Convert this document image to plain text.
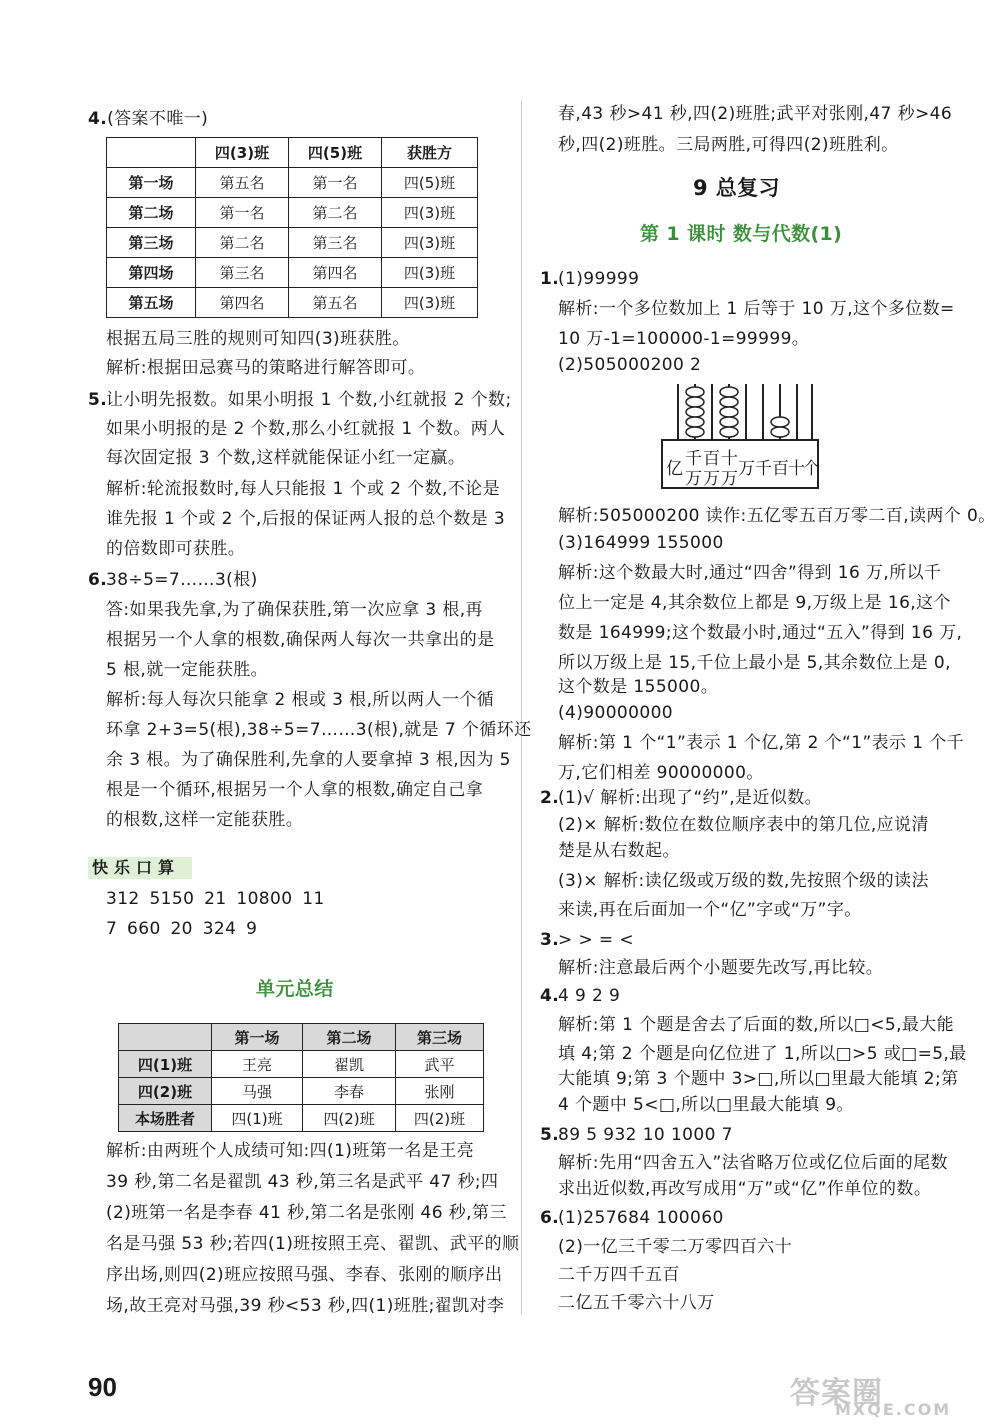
4.(答案不唯一)
	四(3)班	四(5)班	获胜方
第一场	第五名	第一名	四(5)班
第二场	第一名	第二名	四(3)班
第三场	第二名	第三名	四(3)班
第四场	第三名	第四名	四(3)班
第五场	第四名	第五名	四(3)班
根据五局三胜的规则可知四(3)班获胜。
解析:根据田忌赛马的策略进行解答即可。
5.
让小明先报数。如果小明报 1 个数,小红就报 2 个数;
如果小明报的是 2 个数,那么小红就报 1 个数。两人
每次固定报 3 个数,这样就能保证小红一定赢。
解析:轮流报数时,每人只能报 1 个或 2 个数,不论是
谁先报 1 个或 2 个,后报的保证两人报的总个数是 3
的倍数即可获胜。
6.
38÷5=7……3(根)
答:如果我先拿,为了确保获胜,第一次应拿 3 根,再
根据另一个人拿的根数,确保两人每次一共拿出的是
5 根,就一定能获胜。
解析:每人每次只能拿 2 根或 3 根,所以两人一个循
环拿 2+3=5(根),38÷5=7……3(根),就是 7 个循环还
余 3 根。为了确保胜利,先拿的人要拿掉 3 根,因为 5
根是一个循环,根据另一个人拿的根数,确定自己拿
的根数,这样一定能获胜。
快乐口算
312 5150 21 10800 11
7 660 20 324 9
单元总结
	第一场	第二场	第三场
四(1)班	王亮	翟凯	武平
四(2)班	马强	李春	张刚
本场胜者	四(1)班	四(2)班	四(2)班
解析:由两班个人成绩可知:四(1)班第一名是王亮
39 秒,第二名是翟凯 43 秒,第三名是武平 47 秒;四
(2)班第一名是李春 41 秒,第二名是张刚 46 秒,第三
名是马强 53 秒;若四(1)班按照王亮、翟凯、武平的顺
序出场,则四(2)班应按照马强、李春、张刚的顺序出
场,故王亮对马强,39 秒<53 秒,四(1)班胜;翟凯对李
春,43 秒>41 秒,四(2)班胜;武平对张刚,47 秒>46
秒,四(2)班胜。三局两胜,可得四(2)班胜利。
9 总复习
第 1 课时 数与代数(1)
1.
(1)99999
解析:一个多位数加上 1 后等于 10 万,这个多位数=
10 万-1=100000-1=99999。
(2)505000200 2
亿 千 百 十
万 万 万 万 千 百 十
个
解析:505000200 读作:五亿零五百万零二百,读两个 0。
(3)164999 155000
解析:这个数最大时,通过“四舍”得到 16 万,所以千
位上一定是 4,其余数位上都是 9,万级上是 16,这个
数是 164999;这个数最小时,通过“五入”得到 16 万,
所以万级上是 15,千位上最小是 5,其余数位上是 0,
这个数是 155000。
(4)90000000
解析:第 1 个“1”表示 1 个亿,第 2 个“1”表示 1 个千
万,它们相差 90000000。
2.
(1)√ 解析:出现了“约”,是近似数。
(2)× 解析:数位在数位顺序表中的第几位,应说清
楚是从右数起。
(3)× 解析:读亿级或万级的数,先按照个级的读法
来读,再在后面加一个“亿”字或“万”字。
3.
> > = <
解析:注意最后两个小题要先改写,再比较。
4.
4 9 2 9
解析:第 1 个题是舍去了后面的数,所以□<5,最大能
填 4;第 2 个题是向亿位进了 1,所以□>5 或□=5,最
大能填 9;第 3 个题中 3>□,所以□里最大能填 2;第
4 个题中 5<□,所以□里最大能填 9。
5.
89 5 932 10 1000 7
解析:先用“四舍五入”法省略万位或亿位后面的尾数
求出近似数,再改写成用“万”或“亿”作单位的数。
6.
(1)257684 100060
(2)一亿三千零二万零四百六十
二千万四千五百
二亿五千零六十八万
90	答案圈
MXQE.COM
